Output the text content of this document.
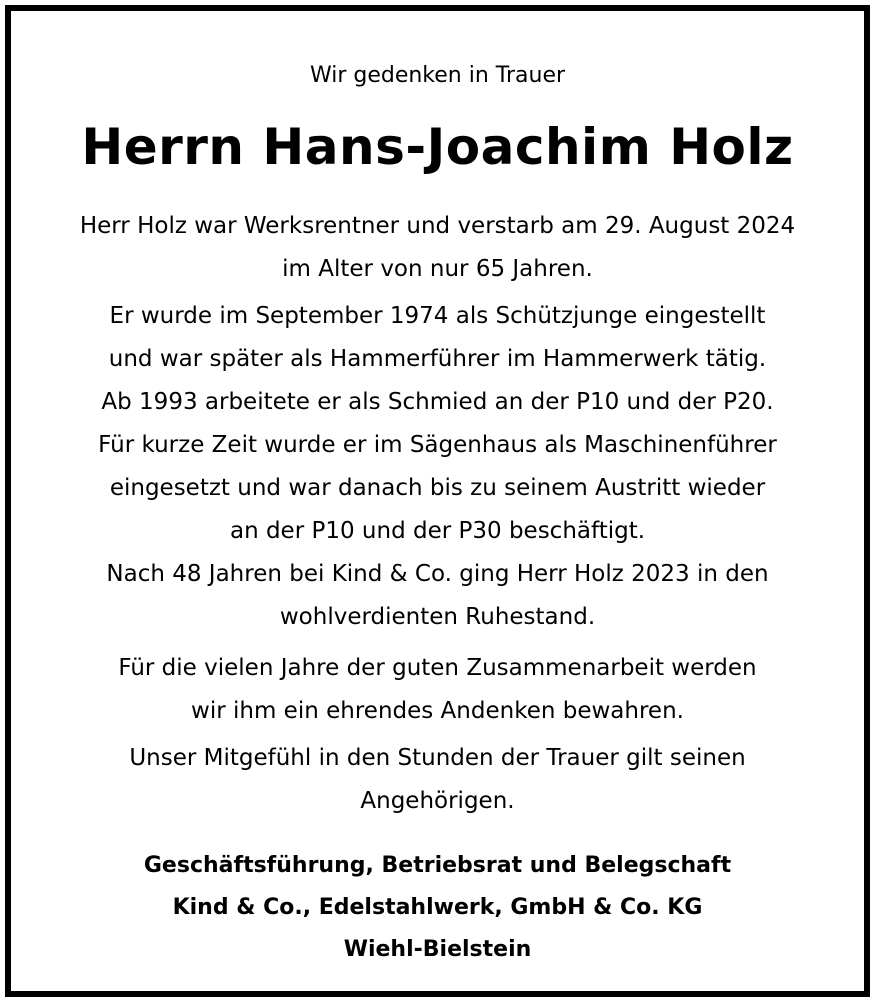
Wir gedenken in Trauer
Herrn Hans-Joachim Holz
Herr Holz war Werksrentner und verstarb am 29. August 2024
im Alter von nur 65 Jahren.
Er wurde im September 1974 als Schützjunge eingestellt
und war später als Hammerführer im Hammerwerk tätig.
Ab 1993 arbeitete er als Schmied an der P10 und der P20.
Für kurze Zeit wurde er im Sägenhaus als Maschinenführer
eingesetzt und war danach bis zu seinem Austritt wieder
an der P10 und der P30 beschäftigt.
Nach 48 Jahren bei Kind & Co. ging Herr Holz 2023 in den
wohlverdienten Ruhestand.
Für die vielen Jahre der guten Zusammenarbeit werden
wir ihm ein ehrendes Andenken bewahren.
Unser Mitgefühl in den Stunden der Trauer gilt seinen
Angehörigen.
Geschäftsführung, Betriebsrat und Belegschaft
Kind & Co., Edelstahlwerk, GmbH & Co. KG
Wiehl-Bielstein
